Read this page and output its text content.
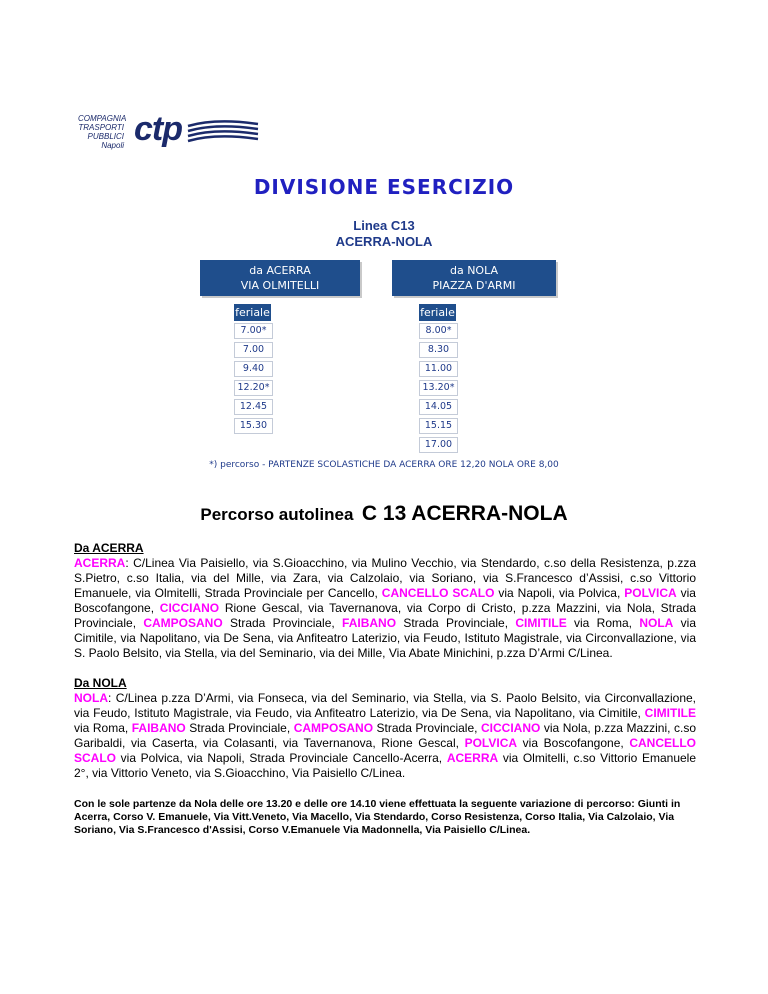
COMPAGNIA
TRASPORTI
PUBBLICI
Napoli ctp
DIVISIONE ESERCIZIO
Linea C13
ACERRA-NOLA
da ACERRA
VIA OLMITELLI
da NOLA
PIAZZA D'ARMI
feriale	feriale
7.00*
7.00
9.40
12.20*
12.45
15.30
8.00*
8.30
11.00
13.20*
14.05
15.15
17.00
*) percorso - PARTENZE SCOLASTICHE DA ACERRA ORE 12,20 NOLA ORE 8,00
Percorso autolinea C 13 ACERRA-NOLA
Da ACERRA
ACERRA: C/Linea Via Paisiello, via S.Gioacchino, via Mulino Vecchio, via Stendardo, c.so della Resistenza, p.zza S.Pietro, c.so Italia, via del Mille, via Zara, via Calzolaio, via Soriano, via S.Francesco d’Assisi, c.so Vittorio Emanuele, via Olmitelli, Strada Provinciale per Cancello, CANCELLO SCALO via Napoli, via Polvica, POLVICA via Boscofangone, CICCIANO Rione Gescal, via Tavernanova, via Corpo di Cristo, p.zza Mazzini, via Nola, Strada Provinciale, CAMPOSANO Strada Provinciale, FAIBANO Strada Provinciale, CIMITILE via Roma, NOLA via Cimitile, via Napolitano, via De Sena, via Anfiteatro Laterizio, via Feudo, Istituto Magistrale, via Circonvallazione, via S. Paolo Belsito, via Stella, via del Seminario, via dei Mille, Via Abate Minichini, p.zza D’Armi C/Linea.
Da NOLA
NOLA: C/Linea p.zza D’Armi, via Fonseca, via del Seminario, via Stella, via S. Paolo Belsito, via Circonvallazione, via Feudo, Istituto Magistrale, via Feudo, via Anfiteatro Laterizio, via De Sena, via Napolitano, via Cimitile, CIMITILE via Roma, FAIBANO Strada Provinciale, CAMPOSANO Strada Provinciale, CICCIANO via Nola, p.zza Mazzini, c.so Garibaldi, via Caserta, via Colasanti, via Tavernanova, Rione Gescal, POLVICA via Boscofangone, CANCELLO SCALO via Polvica, via Napoli, Strada Provinciale Cancello-Acerra, ACERRA via Olmitelli, c.so Vittorio Emanuele 2°, via Vittorio Veneto, via S.Gioacchino, Via Paisiello C/Linea.
Con le sole partenze da Nola delle ore 13.20 e delle ore 14.10 viene effettuata la seguente variazione di percorso: Giunti in Acerra, Corso V. Emanuele, Via Vitt.Veneto, Via Macello, Via Stendardo, Corso Resistenza, Corso Italia, Via Calzolaio, Via Soriano, Via S.Francesco d'Assisi, Corso V.Emanuele Via Madonnella, Via Paisiello C/Linea.
